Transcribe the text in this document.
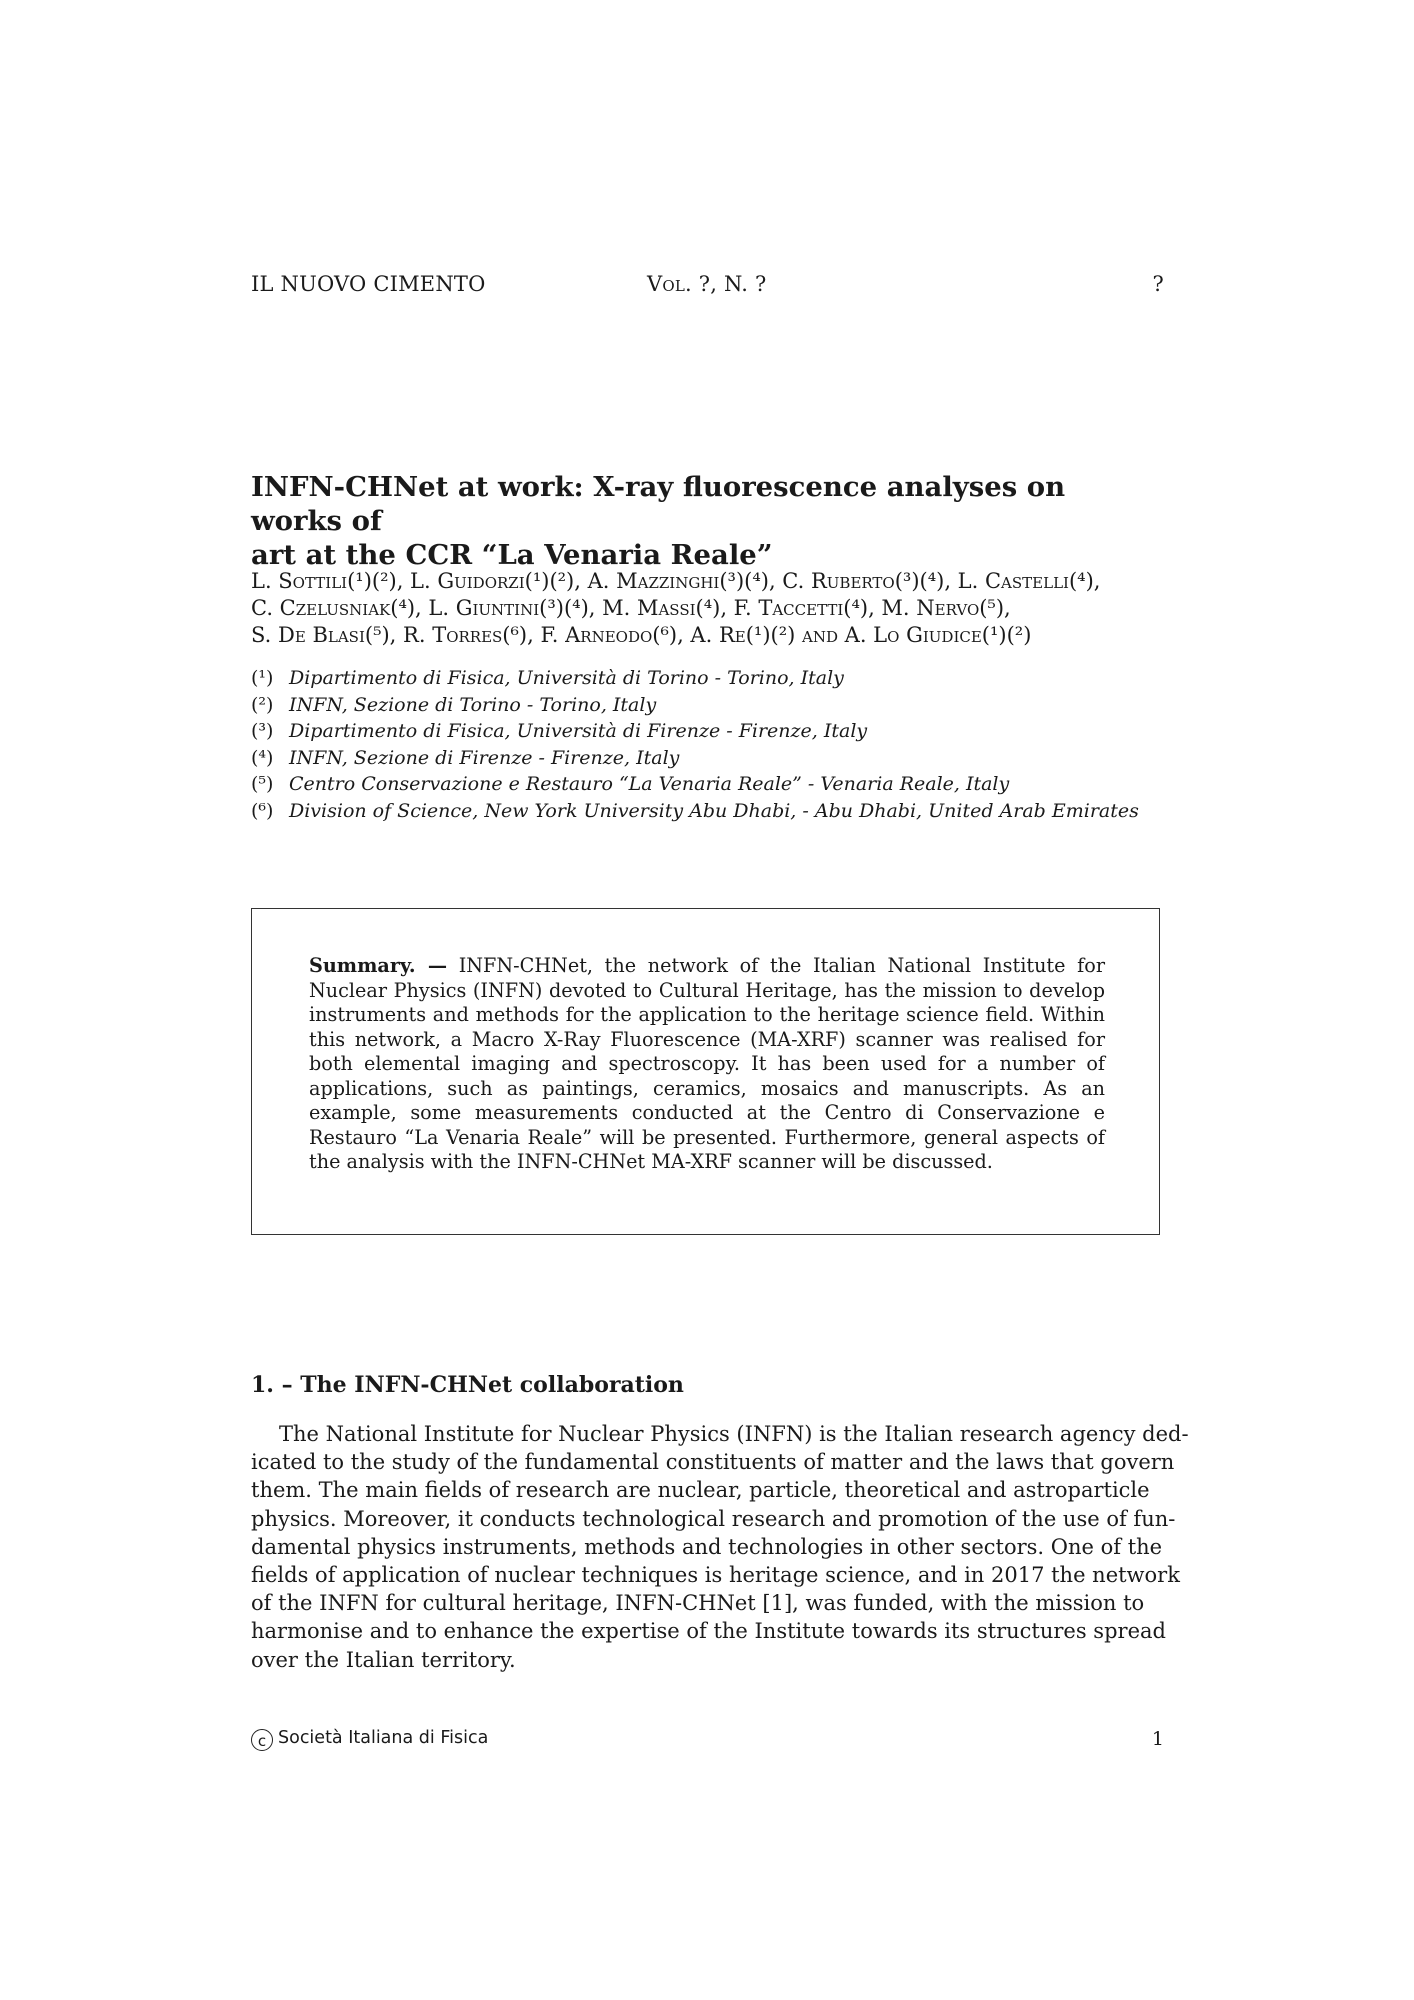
IL NUOVO CIMENTO	Vol. ?, N. ?	?
INFN-CHNet at work: X-ray fluorescence analyses on works of
art at the CCR “La Venaria Reale”
L. Sottili(¹)(²), L. Guidorzi(¹)(²), A. Mazzinghi(³)(⁴), C. Ruberto(³)(⁴), L. Castelli(⁴),
C. Czelusniak(⁴), L. Giuntini(³)(⁴), M. Massi(⁴), F. Taccetti(⁴), M. Nervo(⁵),
S. De Blasi(⁵), R. Torres(⁶), F. Arneodo(⁶), A. Re(¹)(²) and A. Lo Giudice(¹)(²)
(¹) Dipartimento di Fisica, Università di Torino - Torino, Italy
(²) INFN, Sezione di Torino - Torino, Italy
(³) Dipartimento di Fisica, Università di Firenze - Firenze, Italy
(⁴) INFN, Sezione di Firenze - Firenze, Italy
(⁵) Centro Conservazione e Restauro “La Venaria Reale” - Venaria Reale, Italy
(⁶) Division of Science, New York University Abu Dhabi, - Abu Dhabi, United Arab Emirates
Summary. — INFN-CHNet, the network of the Italian National Institute for Nuclear Physics (INFN) devoted to Cultural Heritage, has the mission to develop instruments and methods for the application to the heritage science field. Within this network, a Macro X-Ray Fluorescence (MA-XRF) scanner was realised for both elemental imaging and spectroscopy. It has been used for a number of applications, such as paintings, ceramics, mosaics and manuscripts. As an example, some measurements conducted at the Centro di Conservazione e Restauro “La Venaria Reale” will be presented. Furthermore, general aspects of the analysis with the INFN-CHNet MA-XRF scanner will be discussed.
1. – The INFN-CHNet collaboration
The National Institute for Nuclear Physics (INFN) is the Italian research agency ded-
icated to the study of the fundamental constituents of matter and the laws that govern
them. The main fields of research are nuclear, particle, theoretical and astroparticle
physics. Moreover, it conducts technological research and promotion of the use of fun-
damental physics instruments, methods and technologies in other sectors. One of the
fields of application of nuclear techniques is heritage science, and in 2017 the network
of the INFN for cultural heritage, INFN-CHNet [1], was funded, with the mission to
harmonise and to enhance the expertise of the Institute towards its structures spread
over the Italian territory.
c Società Italiana di Fisica	1
